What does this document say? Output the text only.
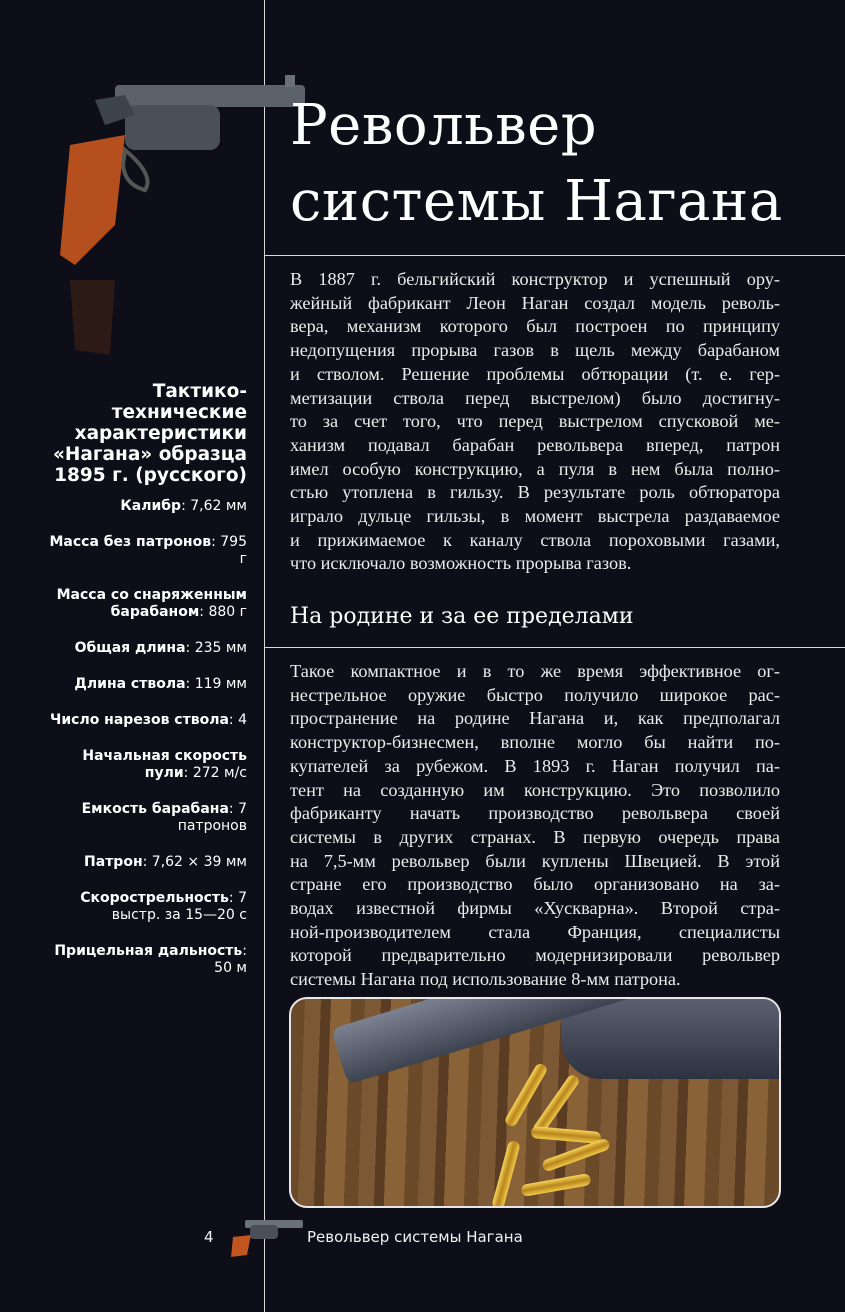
Револьвер
системы Нагана
В 1887 г. бельгийский конструктор и успешный ору-
жейный фабрикант Леон Наган создал модель револь-
вера, механизм которого был построен по принципу
недопущения прорыва газов в щель между барабаном
и стволом. Решение проблемы обтюрации (т. е. гер-
метизации ствола перед выстрелом) было достигну-
то за счет того, что перед выстрелом спусковой ме-
ханизм подавал барабан револьвера вперед, патрон
имел особую конструкцию, а пуля в нем была полно-
стью утоплена в гильзу. В результате роль обтюратора
играло дульце гильзы, в момент выстрела раздаваемое
и прижимаемое к каналу ствола пороховыми газами,
что исключало возможность прорыва газов.
На родине и за ее пределами
Такое компактное и в то же время эффективное ог-
нестрельное оружие быстро получило широкое рас-
пространение на родине Нагана и, как предполагал
конструктор-бизнесмен, вполне могло бы найти по-
купателей за рубежом. В 1893 г. Наган получил па-
тент на созданную им конструкцию. Это позволило
фабриканту начать производство револьвера своей
системы в других странах. В первую очередь права
на 7,5-мм револьвер были куплены Швецией. В этой
стране его производство было организовано на за-
водах известной фирмы «Хускварна». Второй стра-
ной-производителем стала Франция, специалисты
которой предварительно модернизировали револьвер
системы Нагана под использование 8-мм патрона.
Тактико-технические характеристики «Нагана» образца 1895 г. (русского)
Калибр: 7,62 мм
Масса без патронов: 795 г
Масса со снаряженным барабаном: 880 г
Общая длина: 235 мм
Длина ствола: 119 мм
Число нарезов ствола: 4
Начальная скорость пули: 272 м/с
Емкость барабана: 7 патронов
Патрон: 7,62 × 39 мм
Скорострельность: 7 выстр. за 15—20 с
Прицельная дальность: 50 м
4	Револьвер системы Нагана
